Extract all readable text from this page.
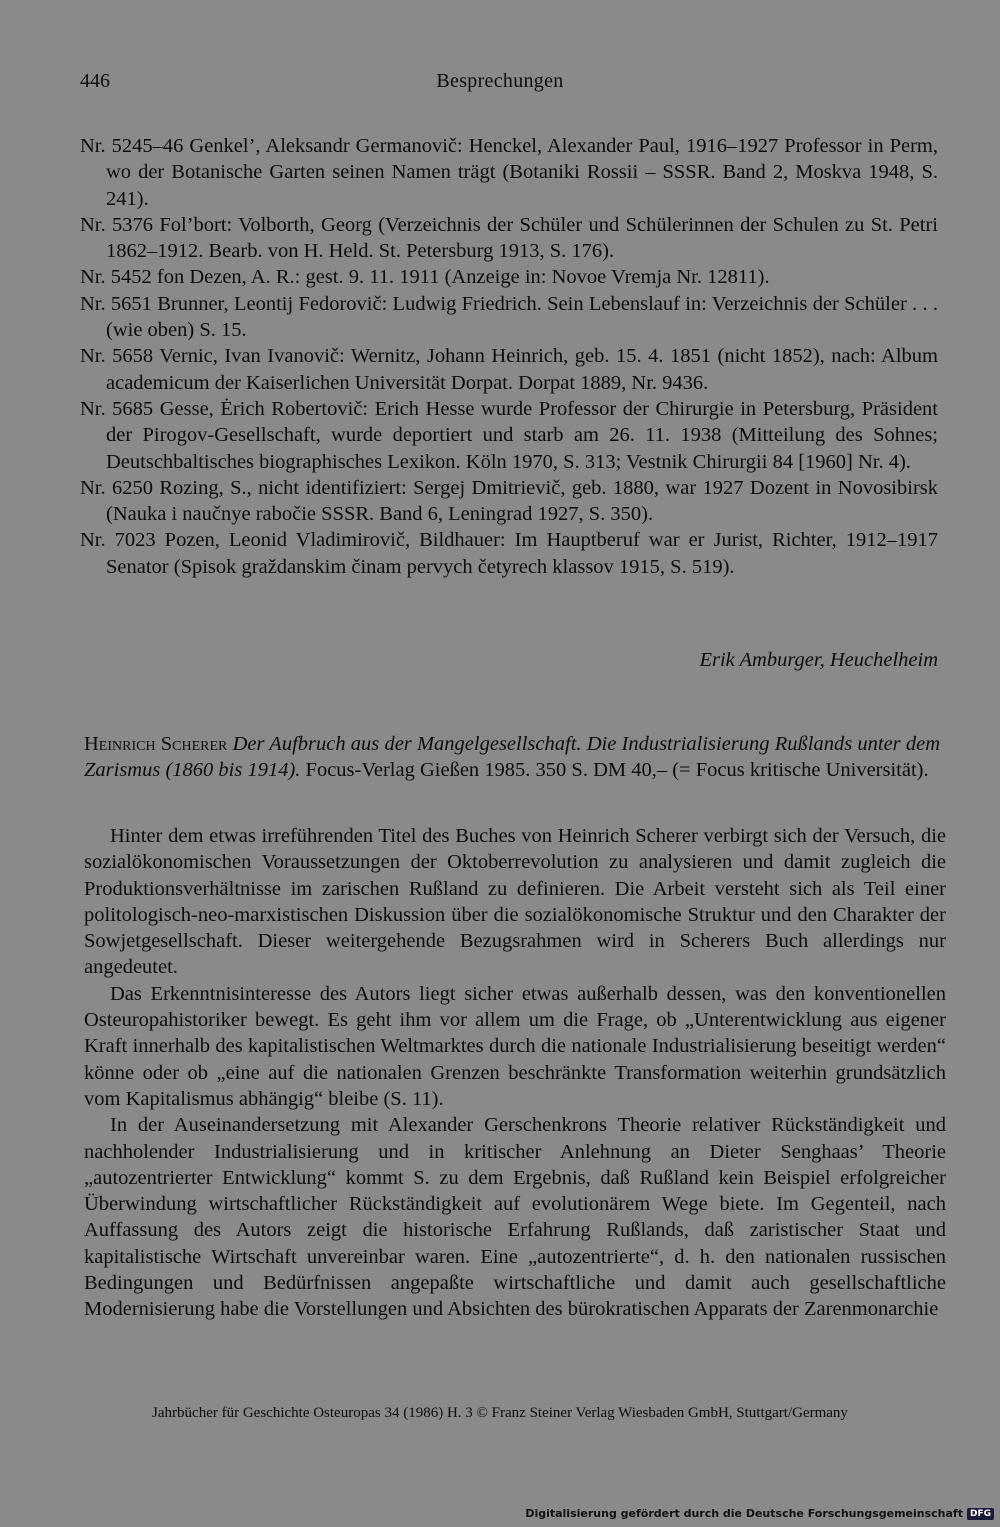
446	Besprechungen
Nr. 5245–46 Genkel’, Aleksandr Germanovič: Henckel, Alexander Paul, 1916–1927 Professor in Perm, wo der Botanische Garten seinen Namen trägt (Botaniki Rossii – SSSR. Band 2, Moskva 1948, S. 241).
Nr. 5376 Fol’bort: Volborth, Georg (Verzeichnis der Schüler und Schülerinnen der Schulen zu St. Petri 1862–1912. Bearb. von H. Held. St. Petersburg 1913, S. 176).
Nr. 5452 fon Dezen, A. R.: gest. 9. 11. 1911 (Anzeige in: Novoe Vremja Nr. 12811).
Nr. 5651 Brunner, Leontij Fedorovič: Ludwig Friedrich. Sein Lebenslauf in: Verzeichnis der Schüler . . . (wie oben) S. 15.
Nr. 5658 Vernic, Ivan Ivanovič: Wernitz, Johann Heinrich, geb. 15. 4. 1851 (nicht 1852), nach: Album academicum der Kaiserlichen Universität Dorpat. Dorpat 1889, Nr. 9436.
Nr. 5685 Gesse, Ėrich Robertovič: Erich Hesse wurde Professor der Chirurgie in Petersburg, Präsident der Pirogov-Gesellschaft, wurde deportiert und starb am 26. 11. 1938 (Mitteilung des Sohnes; Deutschbaltisches biographisches Lexikon. Köln 1970, S. 313; Vestnik Chirurgii 84 [1960] Nr. 4).
Nr. 6250 Rozing, S., nicht identifiziert: Sergej Dmitrievič, geb. 1880, war 1927 Dozent in Novosibirsk (Nauka i naučnye rabočie SSSR. Band 6, Leningrad 1927, S. 350).
Nr. 7023 Pozen, Leonid Vladimirovič, Bildhauer: Im Hauptberuf war er Jurist, Richter, 1912–1917 Senator (Spisok graždanskim činam pervych četyrech klassov 1915, S. 519).
Erik Amburger, Heuchelheim
Heinrich Scherer Der Aufbruch aus der Mangelgesellschaft. Die Industrialisierung Rußlands unter dem Zarismus (1860 bis 1914). Focus-Verlag Gießen 1985. 350 S. DM 40,– (= Focus kritische Universität).

Hinter dem etwas irreführenden Titel des Buches von Heinrich Scherer verbirgt sich der Versuch, die sozialökonomischen Voraussetzungen der Oktoberrevolution zu analysieren und damit zugleich die Produktionsverhältnisse im zarischen Rußland zu definieren. Die Arbeit versteht sich als Teil einer politologisch-neo-marxistischen Diskussion über die sozialökonomische Struktur und den Charakter der Sowjetgesellschaft. Dieser weitergehende Bezugsrahmen wird in Scherers Buch allerdings nur angedeutet.

Das Erkenntnisinteresse des Autors liegt sicher etwas außerhalb dessen, was den konventionellen Osteuropahistoriker bewegt. Es geht ihm vor allem um die Frage, ob „Unterentwicklung aus eigener Kraft innerhalb des kapitalistischen Weltmarktes durch die nationale Industrialisierung beseitigt werden“ könne oder ob „eine auf die nationalen Grenzen beschränkte Transformation weiterhin grundsätzlich vom Kapitalismus abhängig“ bleibe (S. 11).

In der Auseinandersetzung mit Alexander Gerschenkrons Theorie relativer Rückständigkeit und nachholender Industrialisierung und in kritischer Anlehnung an Dieter Senghaas’ Theorie „autozentrierter Entwicklung“ kommt S. zu dem Ergebnis, daß Rußland kein Beispiel erfolgreicher Überwindung wirtschaftlicher Rückständigkeit auf evolutionärem Wege biete. Im Gegenteil, nach Auffassung des Autors zeigt die historische Erfahrung Rußlands, daß zaristischer Staat und kapitalistische Wirtschaft unvereinbar waren. Eine „autozentrierte“, d. h. den nationalen russischen Bedingungen und Bedürfnissen angepaßte wirtschaftliche und damit auch gesellschaftliche Modernisierung habe die Vorstellungen und Absichten des bürokratischen Apparats der Zarenmonarchie

Jahrbücher für Geschichte Osteuropas 34 (1986) H. 3 © Franz Steiner Verlag Wiesbaden GmbH, Stuttgart/Germany
Digitalisierung gefördert durch die Deutsche Forschungsgemeinschaft DFG
